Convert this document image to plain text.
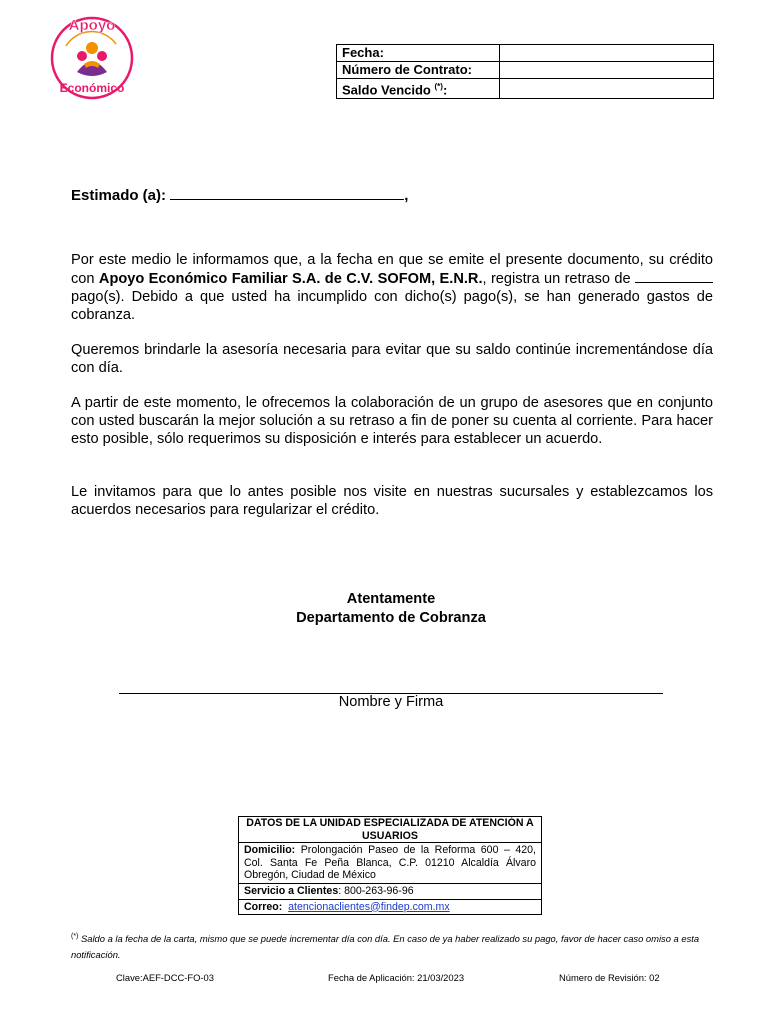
Apoyo
Económico
Fecha:	
Número de Contrato:	
Saldo Vencido (*):	
Estimado (a):	,

Por este medio le informamos que, a la fecha en que se emite el presente documento, su crédito con Apoyo Económico Familiar S.A. de C.V. SOFOM, E.N.R., registra un retraso de  pago(s). Debido a que usted ha incumplido con dicho(s) pago(s), se han generado gastos de cobranza.

Queremos brindarle la asesoría necesaria para evitar que su saldo continúe incrementándose día con día.

A partir de este momento, le ofrecemos la colaboración de un grupo de asesores que en conjunto con usted buscarán la mejor solución a su retraso a fin de poner su cuenta al corriente. Para hacer esto posible, sólo requerimos su disposición e interés para establecer un acuerdo.

Le invitamos para que lo antes posible nos visite en nuestras sucursales y establezcamos los acuerdos necesarios para regularizar el crédito.

Atentamente
Departamento de Cobranza
Nombre y Firma
DATOS DE LA UNIDAD ESPECIALIZADA DE ATENCIÓN A USUARIOS
Domicilio: Prolongación Paseo de la Reforma 600 – 420, Col. Santa Fe Peña Blanca, C.P. 01210 Alcaldía Álvaro Obregón, Ciudad de México
Servicio a Clientes: 800-263-96-96
Correo: atencionaclientes@findep.com.mx
(*) Saldo a la fecha de la carta, mismo que se puede incrementar día con día. En caso de ya haber realizado su pago, favor de hacer caso omiso a esta notificación.
Clave:AEF-DCC-FO-03	Fecha de Aplicación: 21/03/2023	Número de Revisión: 02
